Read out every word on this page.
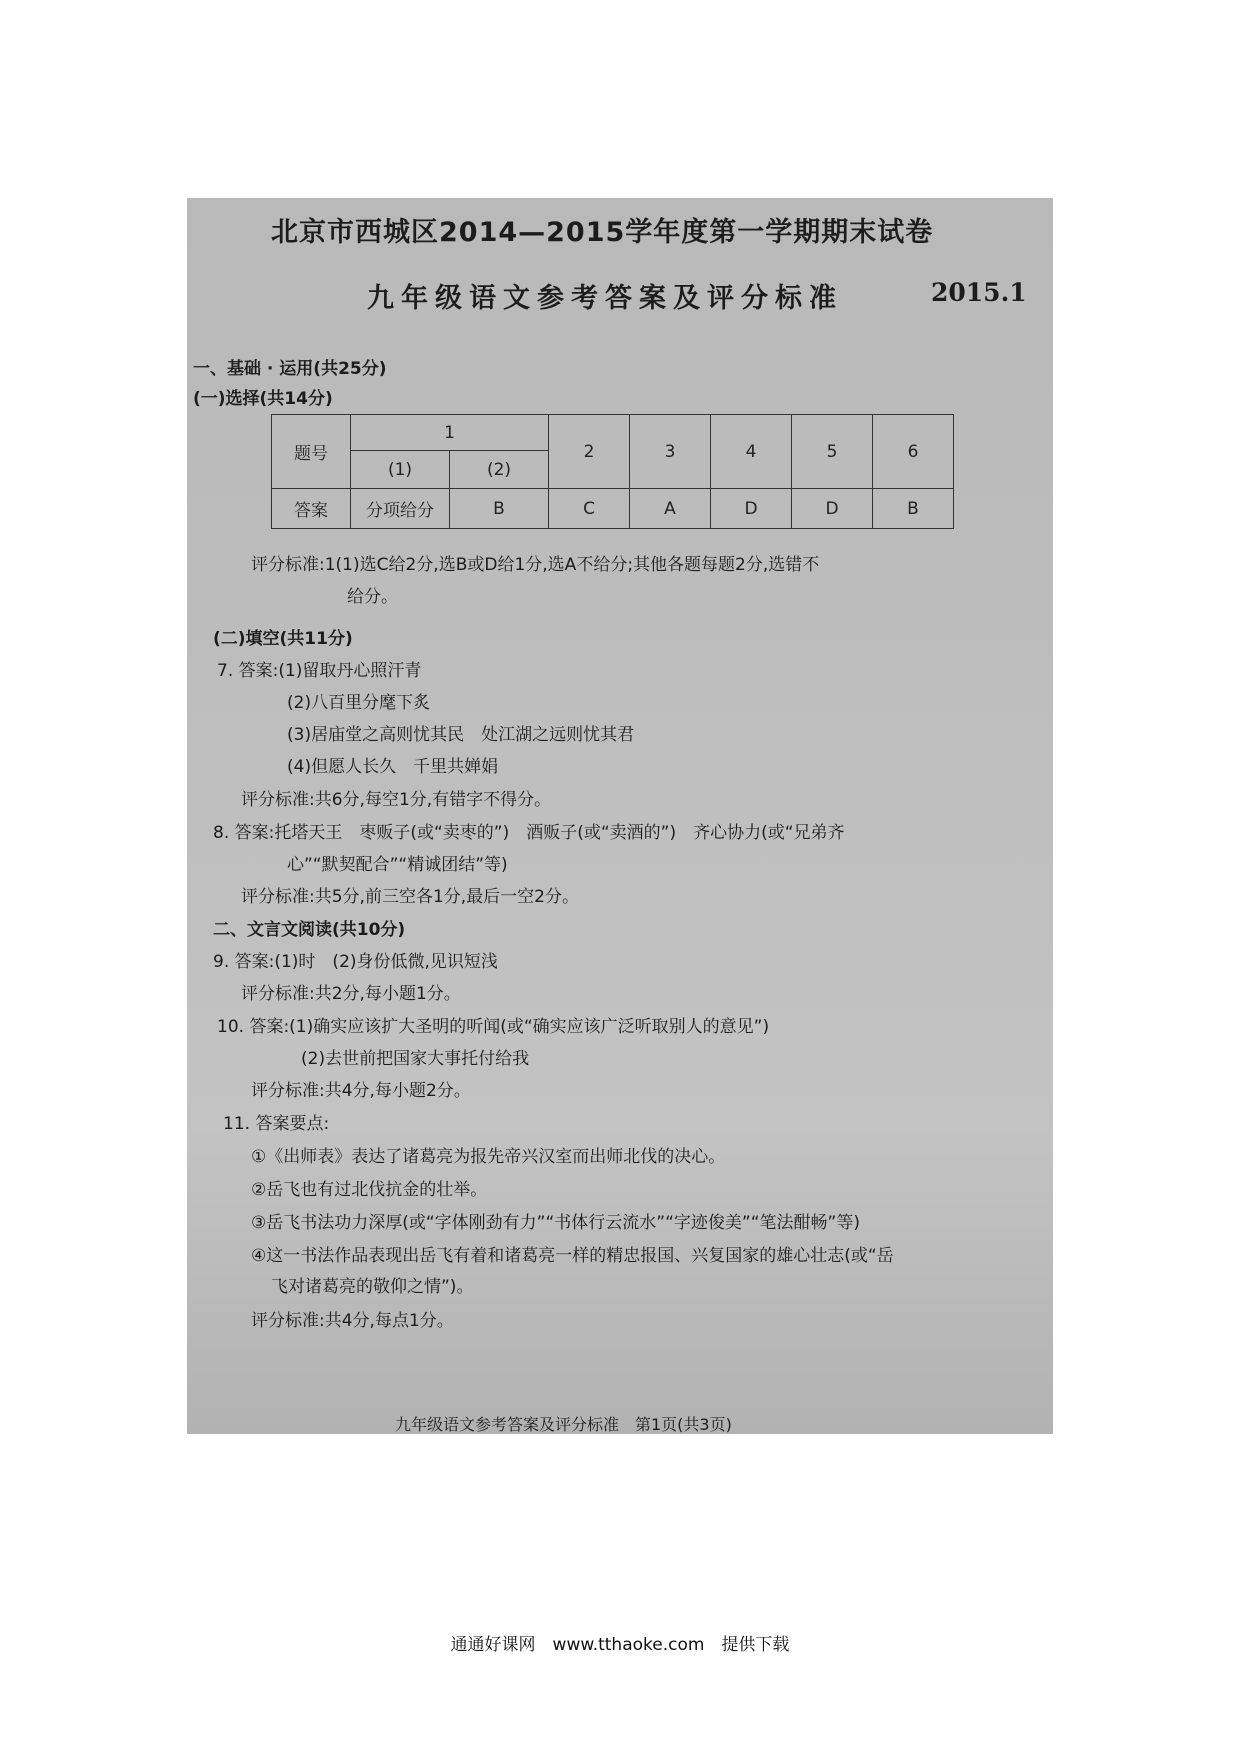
北京市西城区2014—2015学年度第一学期期末试卷
九年级语文参考答案及评分标准	2015.1
一、基础 · 运用(共25分)
(一)选择(共14分)
题号	1		2	3	4	5	6
	(1)	(2)					
答案	分项给分	B	C	A	D	D	B
评分标准:1(1)选C给2分,选B或D给1分,选A不给分;其他各题每题2分,选错不
给分。
(二)填空(共11分)
7. 答案:(1)留取丹心照汗青
(2)八百里分麾下炙
(3)居庙堂之高则忧其民　处江湖之远则忧其君
(4)但愿人长久　千里共婵娟
评分标准:共6分,每空1分,有错字不得分。
8. 答案:托塔天王　枣贩子(或“卖枣的”)　酒贩子(或“卖酒的”)　齐心协力(或“兄弟齐
心”“默契配合”“精诚团结”等)
评分标准:共5分,前三空各1分,最后一空2分。
二、文言文阅读(共10分)
9. 答案:(1)时　(2)身份低微,见识短浅
评分标准:共2分,每小题1分。
10. 答案:(1)确实应该扩大圣明的听闻(或“确实应该广泛听取别人的意见”)
(2)去世前把国家大事托付给我
评分标准:共4分,每小题2分。
11. 答案要点:
①《出师表》表达了诸葛亮为报先帝兴汉室而出师北伐的决心。
②岳飞也有过北伐抗金的壮举。
③岳飞书法功力深厚(或“字体刚劲有力”“书体行云流水”“字迹俊美”“笔法酣畅”等)
④这一书法作品表现出岳飞有着和诸葛亮一样的精忠报国、兴复国家的雄心壮志(或“岳
飞对诸葛亮的敬仰之情”)。
评分标准:共4分,每点1分。
九年级语文参考答案及评分标准　第1页(共3页)
通通好课网　www.tthaoke.com　提供下载
